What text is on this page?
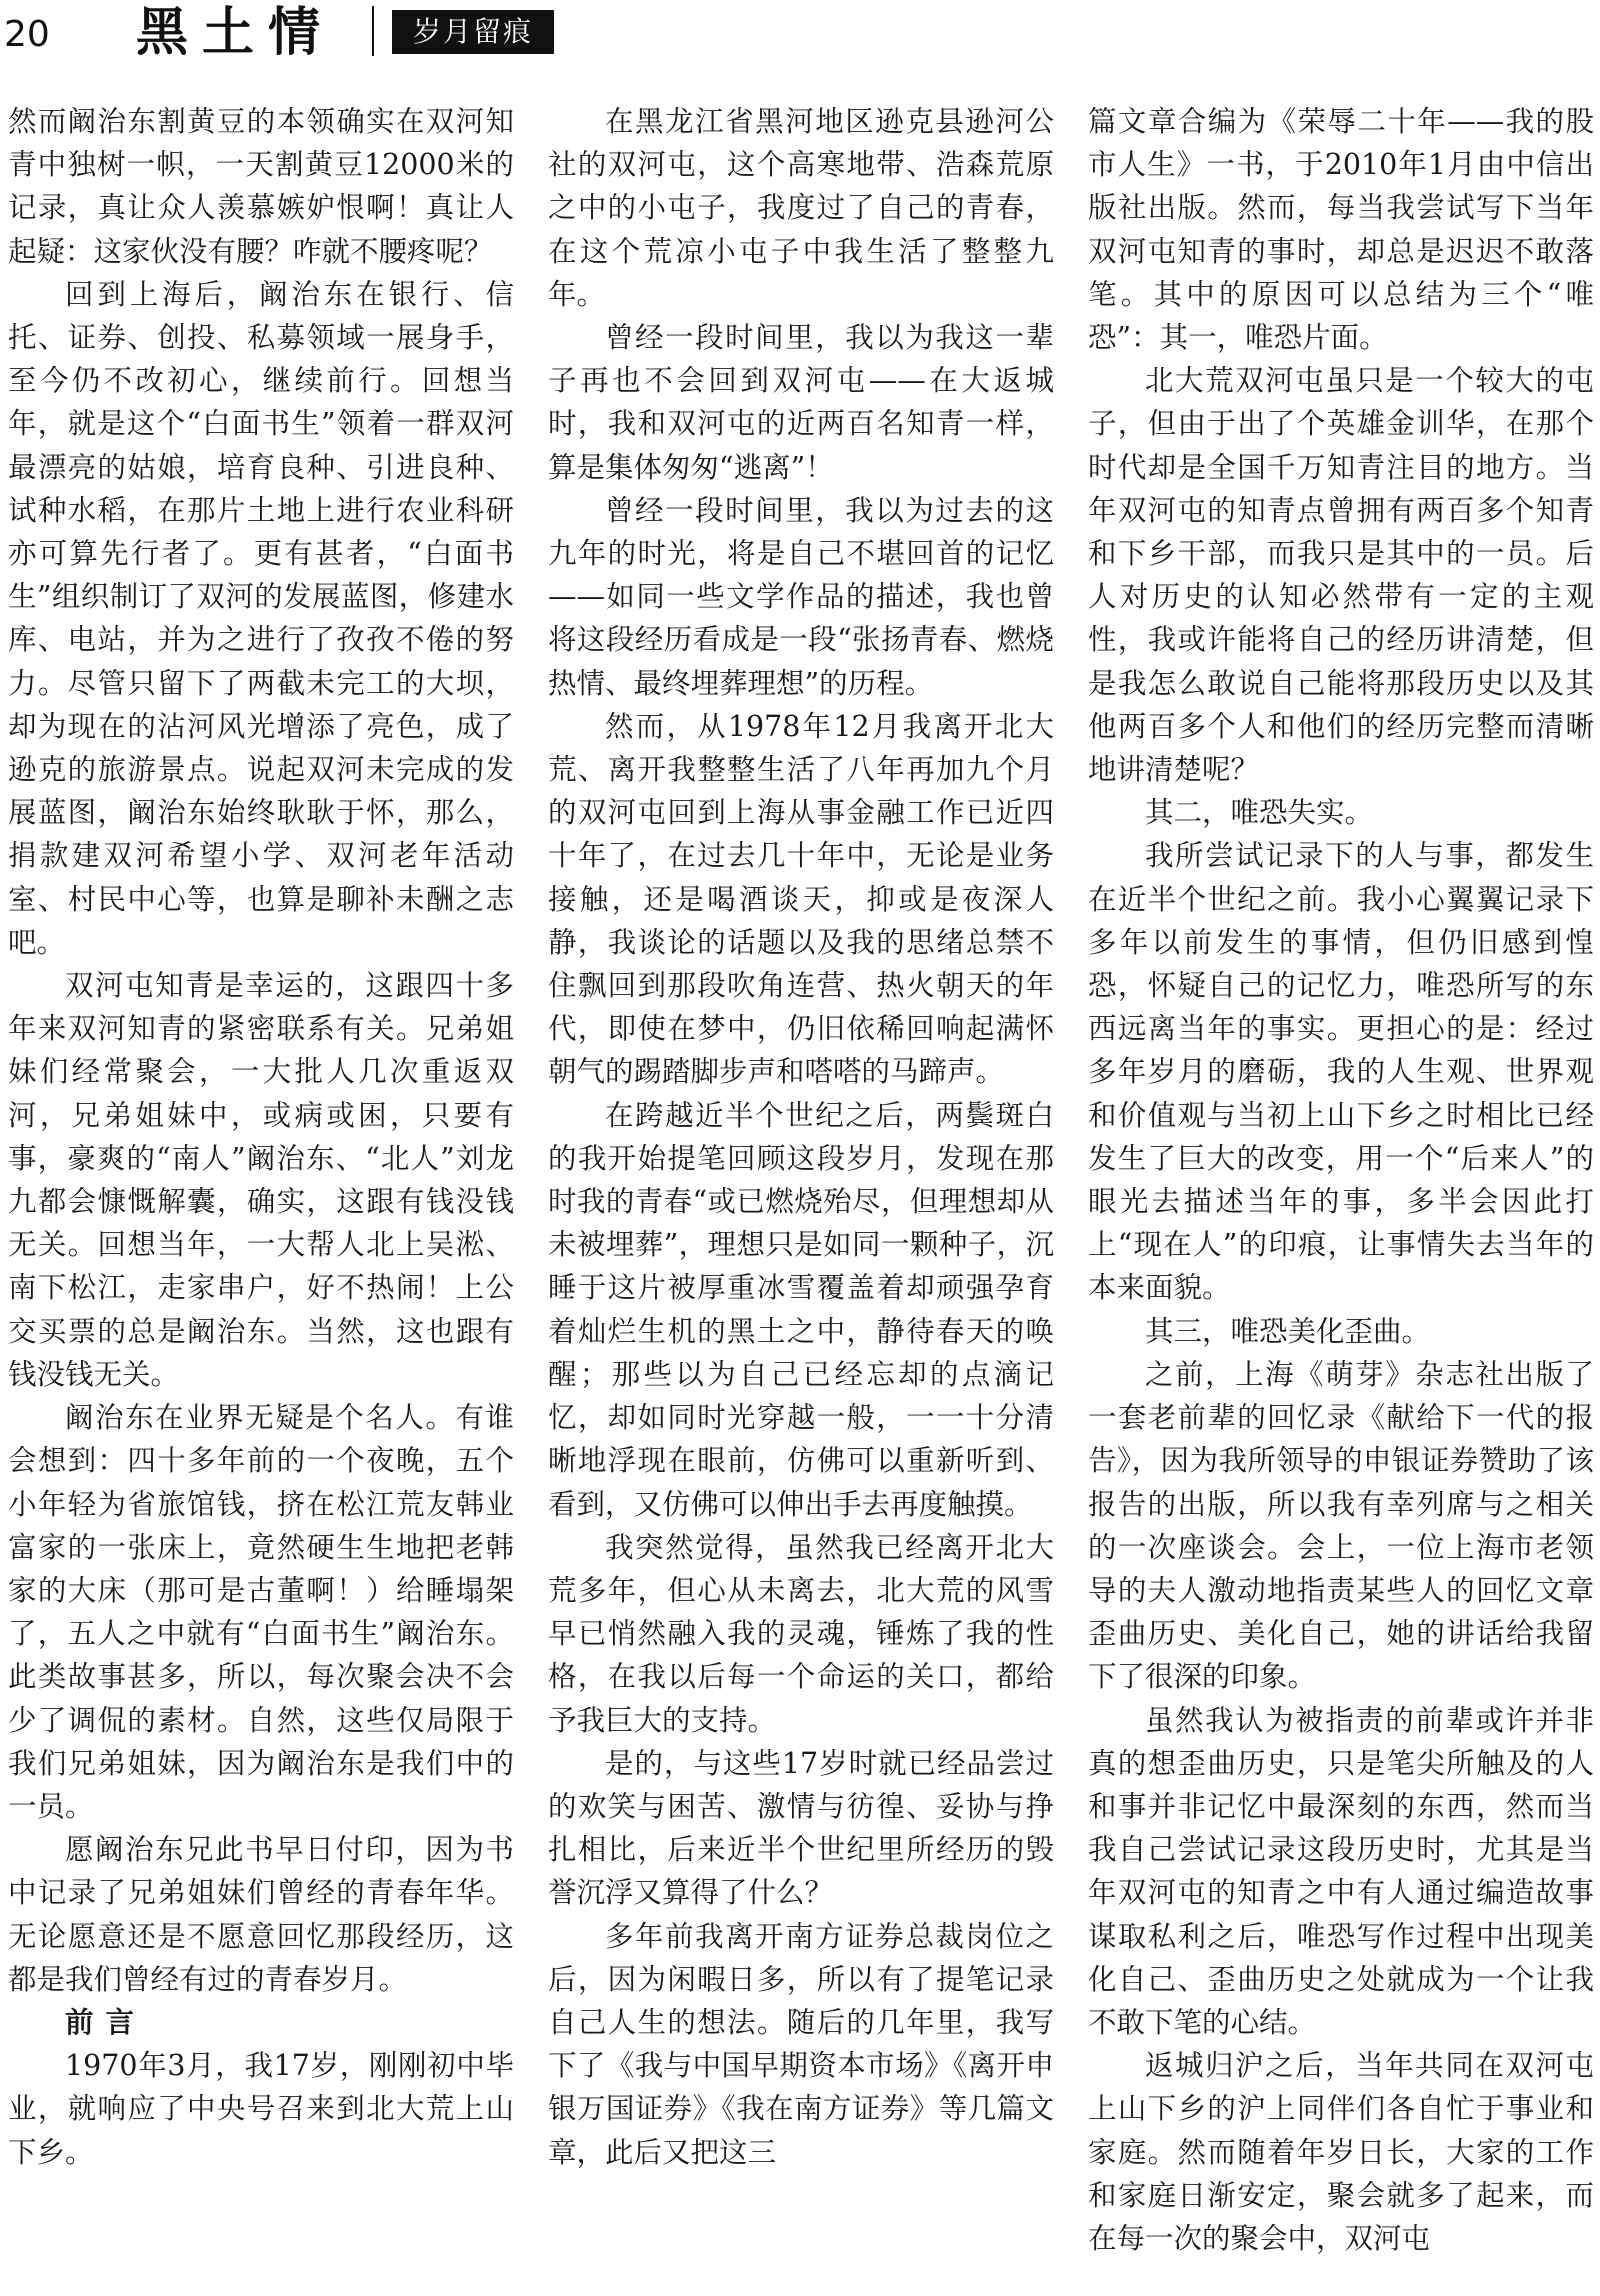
20 黑土情	岁月留痕

然而阚治东割黄豆的本领确实在双河知青中独树一帜，一天割黄豆12000米的记录，真让众人羡慕嫉妒恨啊！真让人起疑：这家伙没有腰？咋就不腰疼呢？

回到上海后，阚治东在银行、信托、证券、创投、私募领域一展身手，至今仍不改初心，继续前行。回想当年，就是这个“白面书生”领着一群双河最漂亮的姑娘，培育良种、引进良种、试种水稻，在那片土地上进行农业科研亦可算先行者了。更有甚者，“白面书生”组织制订了双河的发展蓝图，修建水库、电站，并为之进行了孜孜不倦的努力。尽管只留下了两截未完工的大坝，却为现在的沾河风光增添了亮色，成了逊克的旅游景点。说起双河未完成的发展蓝图，阚治东始终耿耿于怀，那么，捐款建双河希望小学、双河老年活动室、村民中心等，也算是聊补未酬之志吧。

双河屯知青是幸运的，这跟四十多年来双河知青的紧密联系有关。兄弟姐妹们经常聚会，一大批人几次重返双河，兄弟姐妹中，或病或困，只要有事，豪爽的“南人”阚治东、“北人”刘龙九都会慷慨解囊，确实，这跟有钱没钱无关。回想当年，一大帮人北上吴淞、南下松江，走家串户，好不热闹！上公交买票的总是阚治东。当然，这也跟有钱没钱无关。

阚治东在业界无疑是个名人。有谁会想到：四十多年前的一个夜晚，五个小年轻为省旅馆钱，挤在松江荒友韩业富家的一张床上，竟然硬生生地把老韩家的大床（那可是古董啊！）给睡塌架了，五人之中就有“白面书生”阚治东。此类故事甚多，所以，每次聚会决不会少了调侃的素材。自然，这些仅局限于我们兄弟姐妹，因为阚治东是我们中的一员。

愿阚治东兄此书早日付印，因为书中记录了兄弟姐妹们曾经的青春年华。无论愿意还是不愿意回忆那段经历，这都是我们曾经有过的青春岁月。

前言

1970年3月，我17岁，刚刚初中毕业，就响应了中央号召来到北大荒上山下乡。

在黑龙江省黑河地区逊克县逊河公社的双河屯，这个高寒地带、浩森荒原之中的小屯子，我度过了自己的青春，在这个荒凉小屯子中我生活了整整九年。

曾经一段时间里，我以为我这一辈子再也不会回到双河屯——在大返城时，我和双河屯的近两百名知青一样，算是集体匆匆“逃离”！

曾经一段时间里，我以为过去的这九年的时光，将是自己不堪回首的记忆——如同一些文学作品的描述，我也曾将这段经历看成是一段“张扬青春、燃烧热情、最终埋葬理想”的历程。

然而，从1978年12月我离开北大荒、离开我整整生活了八年再加九个月的双河屯回到上海从事金融工作已近四十年了，在过去几十年中，无论是业务接触，还是喝酒谈天，抑或是夜深人静，我谈论的话题以及我的思绪总禁不住飘回到那段吹角连营、热火朝天的年代，即使在梦中，仍旧依稀回响起满怀朝气的踢踏脚步声和嗒嗒的马蹄声。

在跨越近半个世纪之后，两鬓斑白的我开始提笔回顾这段岁月，发现在那时我的青春“或已燃烧殆尽，但理想却从未被埋葬”，理想只是如同一颗种子，沉睡于这片被厚重冰雪覆盖着却顽强孕育着灿烂生机的黑土之中，静待春天的唤醒；那些以为自己已经忘却的点滴记忆，却如同时光穿越一般，一一十分清晰地浮现在眼前，仿佛可以重新听到、看到，又仿佛可以伸出手去再度触摸。

我突然觉得，虽然我已经离开北大荒多年，但心从未离去，北大荒的风雪早已悄然融入我的灵魂，锤炼了我的性格，在我以后每一个命运的关口，都给予我巨大的支持。

是的，与这些17岁时就已经品尝过的欢笑与困苦、激情与彷徨、妥协与挣扎相比，后来近半个世纪里所经历的毁誉沉浮又算得了什么？

多年前我离开南方证券总裁岗位之后，因为闲暇日多，所以有了提笔记录自己人生的想法。随后的几年里，我写下了《我与中国早期资本市场》《离开申银万国证券》《我在南方证券》等几篇文章，此后又把这三

篇文章合编为《荣辱二十年——我的股市人生》一书，于2010年1月由中信出版社出版。然而，每当我尝试写下当年双河屯知青的事时，却总是迟迟不敢落笔。其中的原因可以总结为三个“唯恐”：其一，唯恐片面。

北大荒双河屯虽只是一个较大的屯子，但由于出了个英雄金训华，在那个时代却是全国千万知青注目的地方。当年双河屯的知青点曾拥有两百多个知青和下乡干部，而我只是其中的一员。后人对历史的认知必然带有一定的主观性，我或许能将自己的经历讲清楚，但是我怎么敢说自己能将那段历史以及其他两百多个人和他们的经历完整而清晰地讲清楚呢？

其二，唯恐失实。

我所尝试记录下的人与事，都发生在近半个世纪之前。我小心翼翼记录下多年以前发生的事情，但仍旧感到惶恐，怀疑自己的记忆力，唯恐所写的东西远离当年的事实。更担心的是：经过多年岁月的磨砺，我的人生观、世界观和价值观与当初上山下乡之时相比已经发生了巨大的改变，用一个“后来人”的眼光去描述当年的事，多半会因此打上“现在人”的印痕，让事情失去当年的本来面貌。

其三，唯恐美化歪曲。

之前，上海《萌芽》杂志社出版了一套老前辈的回忆录《献给下一代的报告》，因为我所领导的申银证券赞助了该报告的出版，所以我有幸列席与之相关的一次座谈会。会上，一位上海市老领导的夫人激动地指责某些人的回忆文章歪曲历史、美化自己，她的讲话给我留下了很深的印象。

虽然我认为被指责的前辈或许并非真的想歪曲历史，只是笔尖所触及的人和事并非记忆中最深刻的东西，然而当我自己尝试记录这段历史时，尤其是当年双河屯的知青之中有人通过编造故事谋取私利之后，唯恐写作过程中出现美化自己、歪曲历史之处就成为一个让我不敢下笔的心结。

返城归沪之后，当年共同在双河屯上山下乡的沪上同伴们各自忙于事业和家庭。然而随着年岁日长，大家的工作和家庭日渐安定，聚会就多了起来，而在每一次的聚会中，双河屯
